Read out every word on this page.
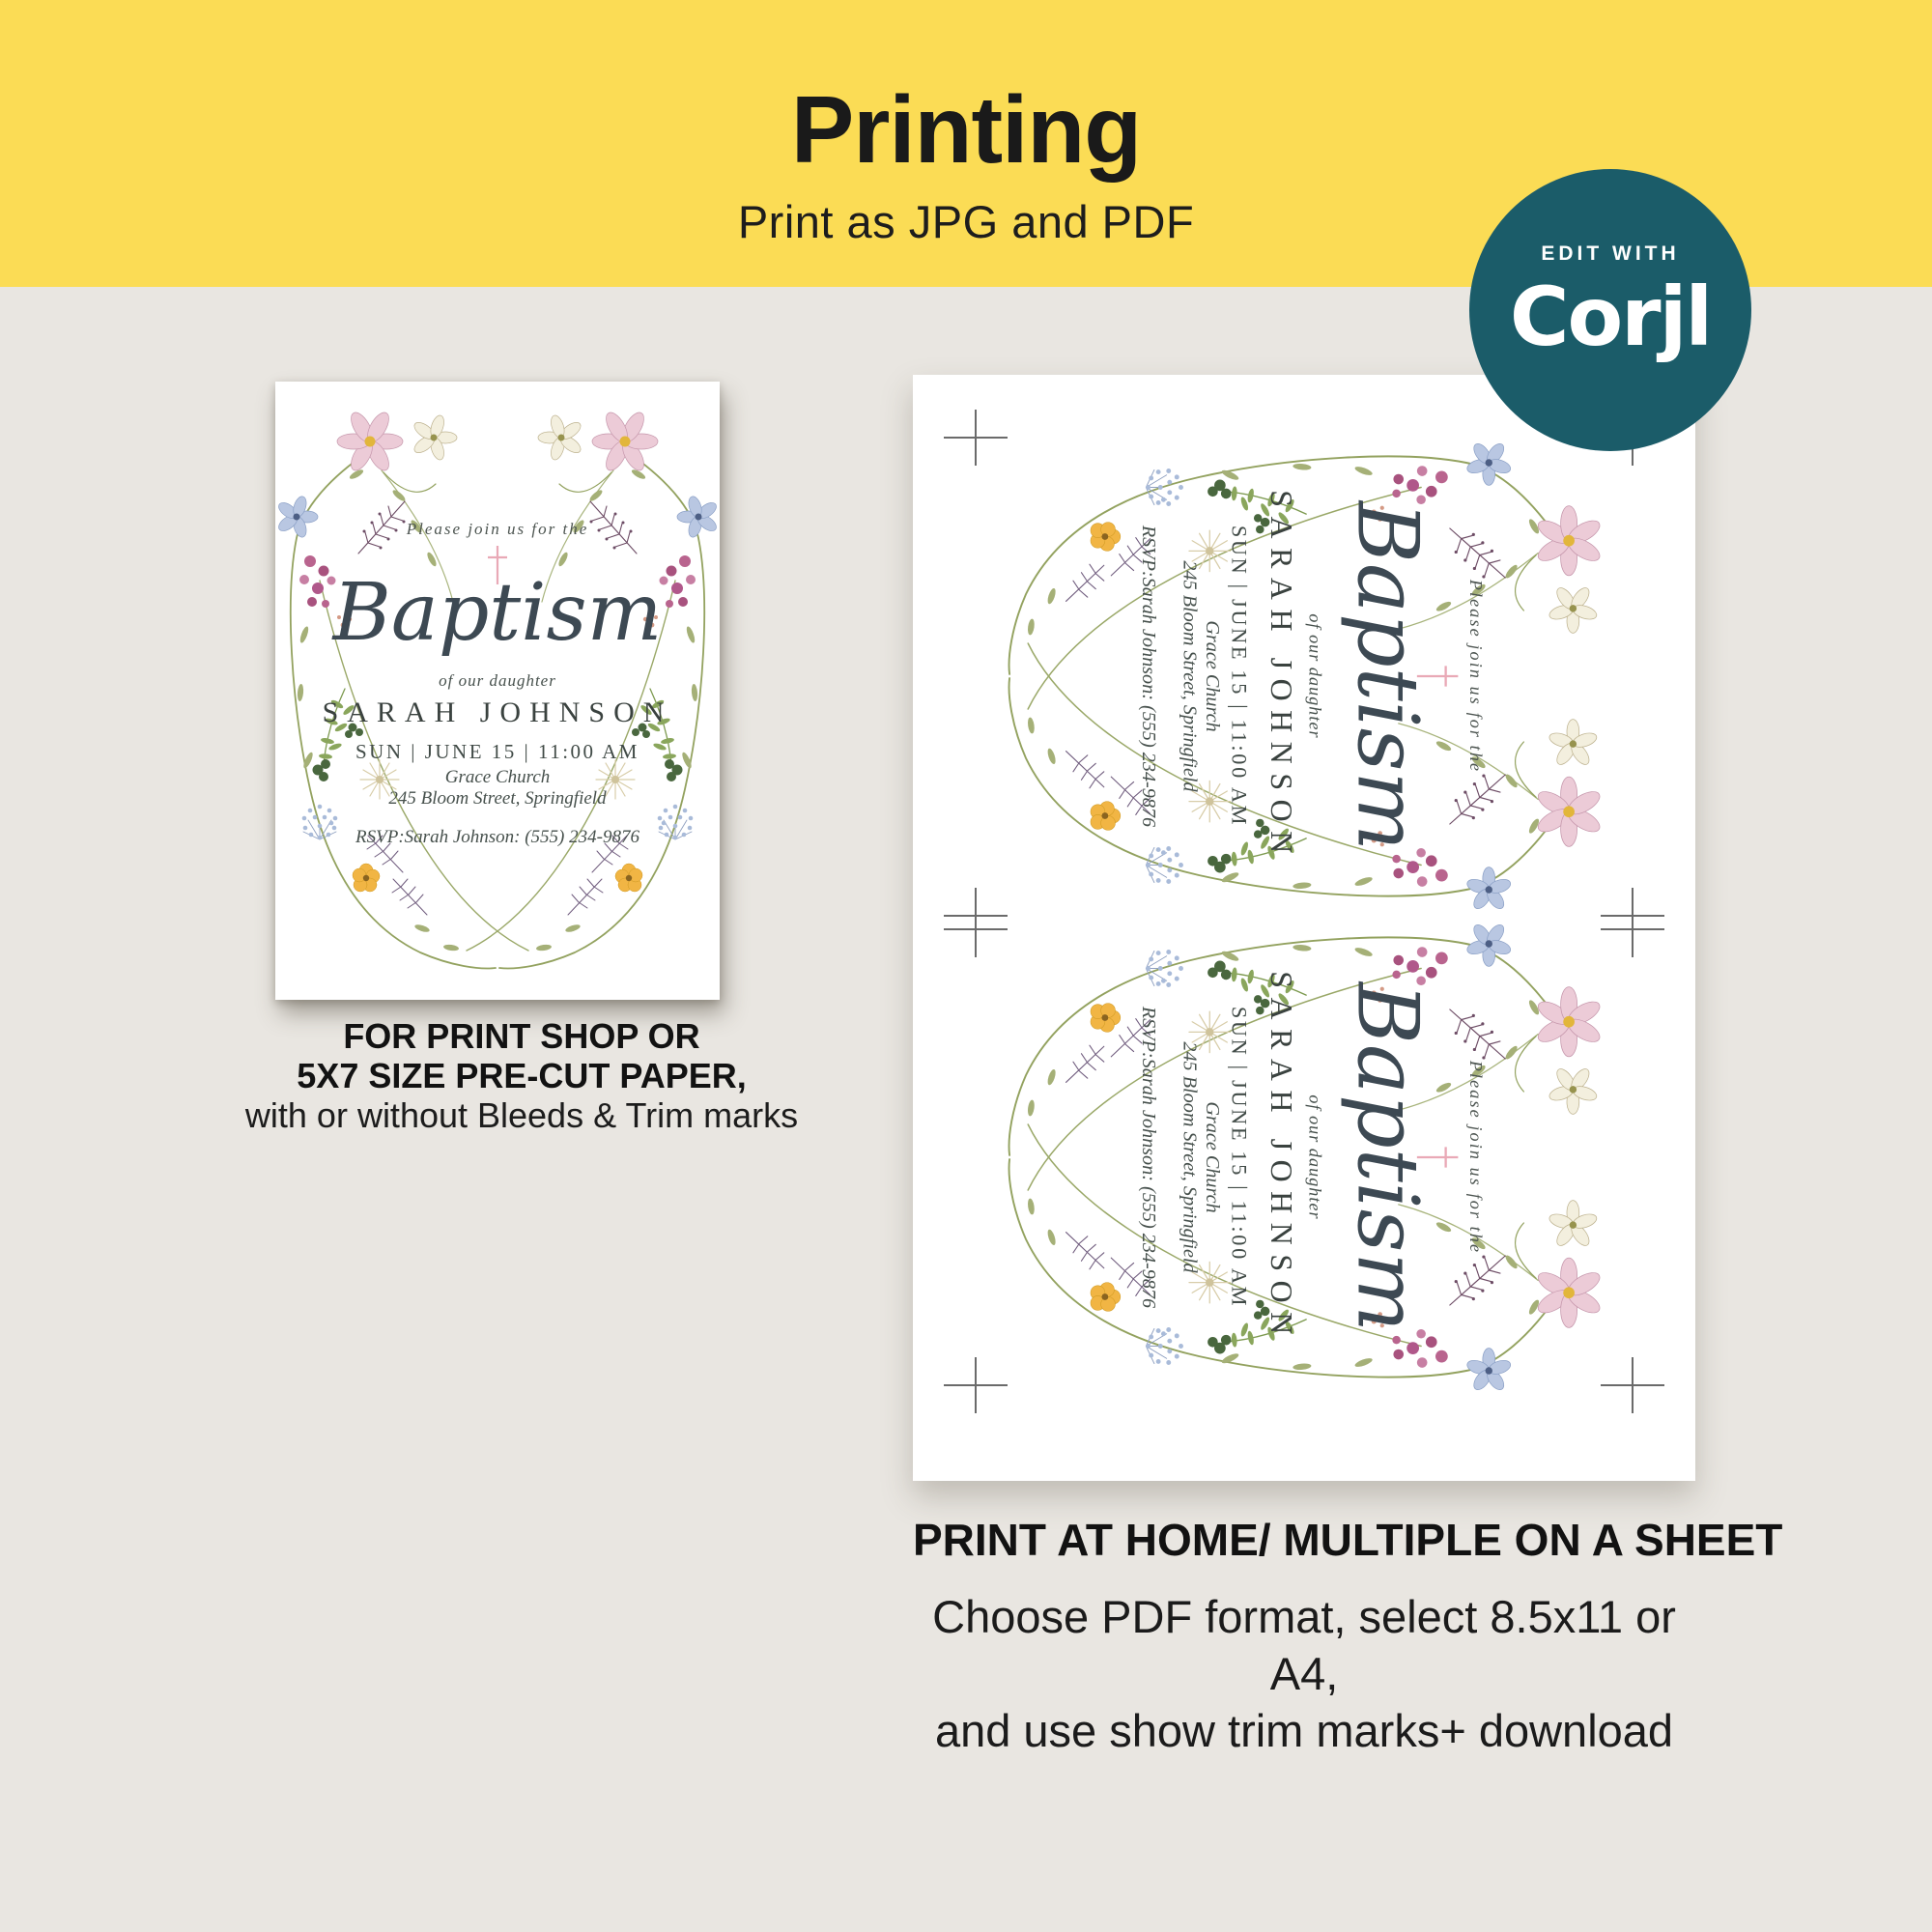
Printing
Print as JPG and PDF
EDIT WITH
Corjl
Please join us for the
Baptism
of our daughter
SARAH JOHNSON
SUN | JUNE 15 | 11:00 AM
Grace Church
245 Bloom Street, Springfield
RSVP:Sarah Johnson: (555) 234-9876
FOR PRINT SHOP OR
5X7 SIZE PRE-CUT PAPER,
with or without Bleeds & Trim marks
Please join us for the
Baptism
of our daughter
SARAH JOHNSON
SUN | JUNE 15 | 11:00 AM
Grace Church
245 Bloom Street, Springfield
RSVP:Sarah Johnson: (555) 234-9876
Please join us for the
Baptism
of our daughter
SARAH JOHNSON
SUN | JUNE 15 | 11:00 AM
Grace Church
245 Bloom Street, Springfield
RSVP:Sarah Johnson: (555) 234-9876
PRINT AT HOME/ MULTIPLE ON A SHEET
Choose PDF format, select 8.5x11 or A4,
and use show trim marks+ download
